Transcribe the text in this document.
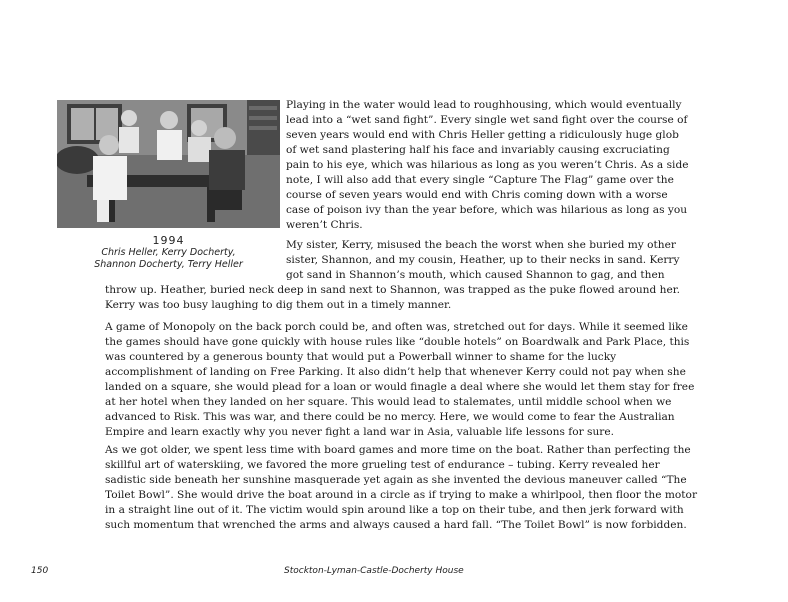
1994
Chris Heller, Kerry Docherty,
Shannon Docherty, Terry Heller

Playing in the water would lead to roughhousing, which would eventually
lead into a “wet sand fight”. Every single wet sand fight over the course of
seven years would end with Chris Heller getting a ridiculously huge glob
of wet sand plastering half his face and invariably causing excruciating
pain to his eye, which was hilarious as long as you weren’t Chris. As a side
note, I will also add that every single “Capture The Flag” game over the
course of seven years would end with Chris coming down with a worse
case of poison ivy than the year before, which was hilarious as long as you
weren’t Chris.

My sister, Kerry, misused the beach the worst when she buried my other
sister, Shannon, and my cousin, Heather, up to their necks in sand. Kerry
got sand in Shannon’s mouth, which caused Shannon to gag, and then

throw up. Heather, buried neck deep in sand next to Shannon, was trapped as the puke flowed around her.
Kerry was too busy laughing to dig them out in a timely manner.

A game of Monopoly on the back porch could be, and often was, stretched out for days. While it seemed like
the games should have gone quickly with house rules like “double hotels” on Boardwalk and Park Place, this
was countered by a generous bounty that would put a Powerball winner to shame for the lucky
accomplishment of landing on Free Parking. It also didn’t help that whenever Kerry could not pay when she
landed on a square, she would plead for a loan or would finagle a deal where she would let them stay for free
at her hotel when they landed on her square. This would lead to stalemates, until middle school when we
advanced to Risk. This was war, and there could be no mercy. Here, we would come to fear the Australian
Empire and learn exactly why you never fight a land war in Asia, valuable life lessons for sure.

As we got older, we spent less time with board games and more time on the boat. Rather than perfecting the
skillful art of waterskiing, we favored the more grueling test of endurance – tubing. Kerry revealed her
sadistic side beneath her sunshine masquerade yet again as she invented the devious maneuver called “The
Toilet Bowl”. She would drive the boat around in a circle as if trying to make a whirlpool, then floor the motor
in a straight line out of it. The victim would spin around like a top on their tube, and then jerk forward with
such momentum that wrenched the arms and always caused a hard fall. “The Toilet Bowl” is now forbidden.

150	Stockton-Lyman-Castle-Docherty House
